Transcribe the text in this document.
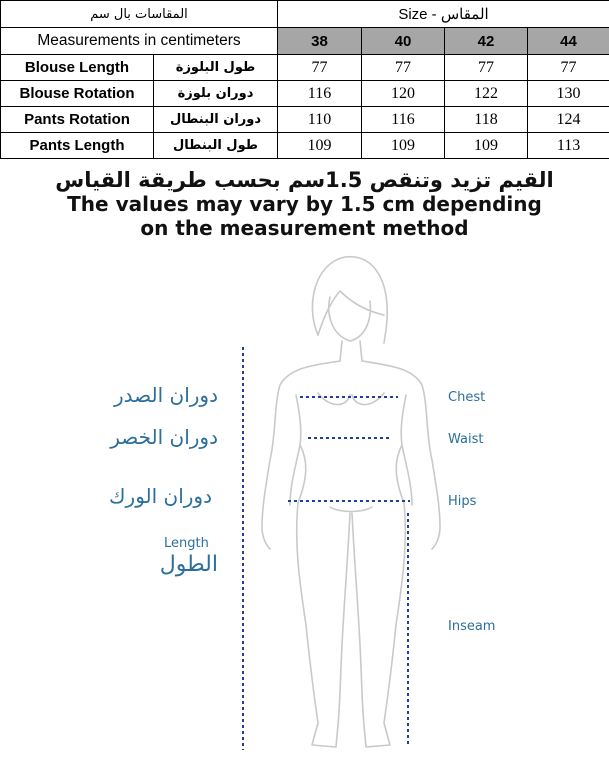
المقاسات بال سم		Size - المقاس			
Measurements in centimeters		38	40	42	44
Blouse Length	طول البلوزة	77	77	77	77
Blouse Rotation	دوران بلوزة	116	120	122	130
Pants Rotation	دوران البنطال	110	116	118	124
Pants Length	طول البنطال	109	109	109	113
القيم تزيد وتنقص 1.5سم بحسب طريقة القياس
The values may vary by 1.5 cm depending
on the measurement method
دوران الصدر
دوران الخصر
دوران الورك
Length
الطول
Chest
Waist
Hips
Inseam
